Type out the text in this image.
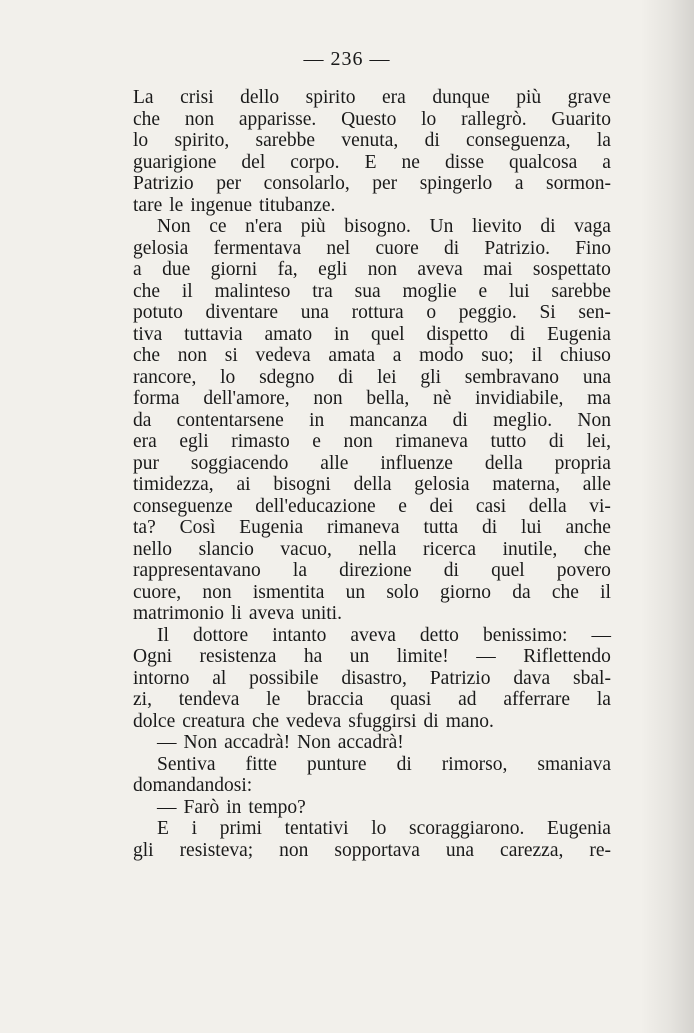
— 236 —
La crisi dello spirito era dunque più grave
che non apparisse. Questo lo rallegrò. Guarito
lo spirito, sarebbe venuta, di conseguenza, la
guarigione del corpo. E ne disse qualcosa a
Patrizio per consolarlo, per spingerlo a sormon-
tare le ingenue titubanze.
Non ce n'era più bisogno. Un lievito di vaga
gelosia fermentava nel cuore di Patrizio. Fino
a due giorni fa, egli non aveva mai sospettato
che il malinteso tra sua moglie e lui sarebbe
potuto diventare una rottura o peggio. Si sen-
tiva tuttavia amato in quel dispetto di Eugenia
che non si vedeva amata a modo suo; il chiuso
rancore, lo sdegno di lei gli sembravano una
forma dell'amore, non bella, nè invidiabile, ma
da contentarsene in mancanza di meglio. Non
era egli rimasto e non rimaneva tutto di lei,
pur soggiacendo alle influenze della propria
timidezza, ai bisogni della gelosia materna, alle
conseguenze dell'educazione e dei casi della vi-
ta? Così Eugenia rimaneva tutta di lui anche
nello slancio vacuo, nella ricerca inutile, che
rappresentavano la direzione di quel povero
cuore, non ismentita un solo giorno da che il
matrimonio li aveva uniti.
Il dottore intanto aveva detto benissimo: —
Ogni resistenza ha un limite! — Riflettendo
intorno al possibile disastro, Patrizio dava sbal-
zi, tendeva le braccia quasi ad afferrare la
dolce creatura che vedeva sfuggirsi di mano.
— Non accadrà! Non accadrà!
Sentiva fitte punture di rimorso, smaniava
domandandosi:
— Farò in tempo?
E i primi tentativi lo scoraggiarono. Eugenia
gli resisteva; non sopportava una carezza, re-
